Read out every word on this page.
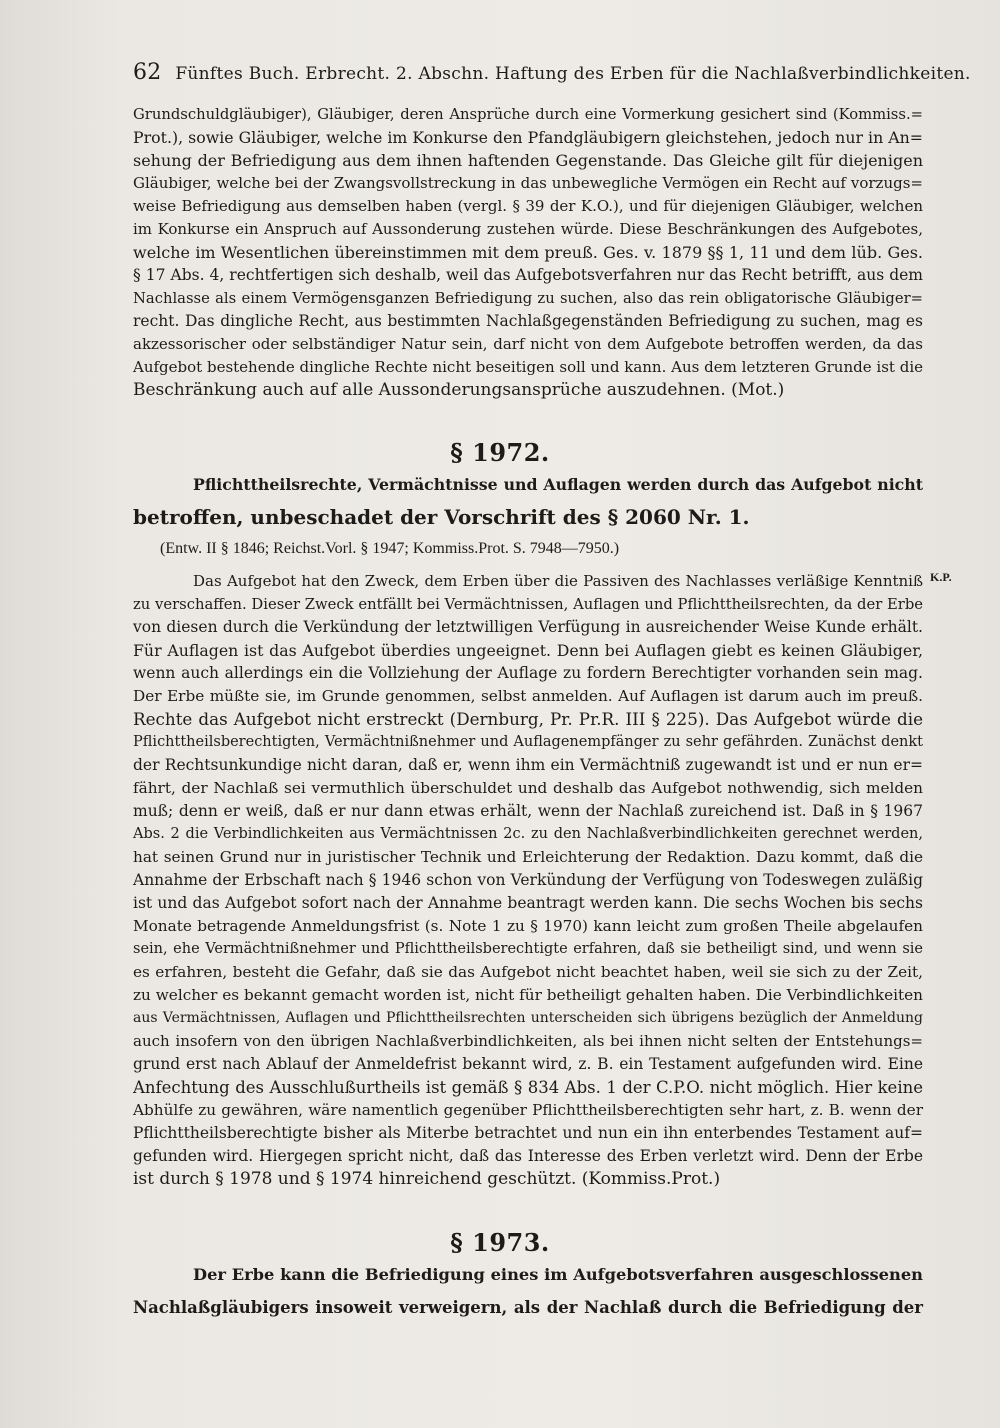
62 Fünftes Buch. Erbrecht. 2. Abschn. Haftung des Erben für die Nachlaßverbindlichkeiten.
Grundschuldgläubiger), Gläubiger, deren Ansprüche durch eine Vormerkung gesichert sind (Kommiss.=
Prot.), sowie Gläubiger, welche im Konkurse den Pfandgläubigern gleichstehen, jedoch nur in An=
sehung der Befriedigung aus dem ihnen haftenden Gegenstande. Das Gleiche gilt für diejenigen
Gläubiger, welche bei der Zwangsvollstreckung in das unbewegliche Vermögen ein Recht auf vorzugs=
weise Befriedigung aus demselben haben (vergl. § 39 der K.O.), und für diejenigen Gläubiger, welchen
im Konkurse ein Anspruch auf Aussonderung zustehen würde. Diese Beschränkungen des Aufgebotes,
welche im Wesentlichen übereinstimmen mit dem preuß. Ges. v. 1879 §§ 1, 11 und dem lüb. Ges.
§ 17 Abs. 4, rechtfertigen sich deshalb, weil das Aufgebotsverfahren nur das Recht betrifft, aus dem
Nachlasse als einem Vermögensganzen Befriedigung zu suchen, also das rein obligatorische Gläubiger=
recht. Das dingliche Recht, aus bestimmten Nachlaßgegenständen Befriedigung zu suchen, mag es
akzessorischer oder selbständiger Natur sein, darf nicht von dem Aufgebote betroffen werden, da das
Aufgebot bestehende dingliche Rechte nicht beseitigen soll und kann. Aus dem letzteren Grunde ist die
Beschränkung auch auf alle Aussonderungsansprüche auszudehnen. (Mot.)
§ 1972.
Pflichttheilsrechte, Vermächtnisse und Auflagen werden durch das Aufgebot nicht
betroffen, unbeschadet der Vorschrift des § 2060 Nr. 1.
(Entw. II § 1846; Reichst.Vorl. § 1947; Kommiss.Prot. S. 7948—7950.)
K.P.
Das Aufgebot hat den Zweck, dem Erben über die Passiven des Nachlasses verläßige Kenntniß
zu verschaffen. Dieser Zweck entfällt bei Vermächtnissen, Auflagen und Pflichttheilsrechten, da der Erbe
von diesen durch die Verkündung der letztwilligen Verfügung in ausreichender Weise Kunde erhält.
Für Auflagen ist das Aufgebot überdies ungeeignet. Denn bei Auflagen giebt es keinen Gläubiger,
wenn auch allerdings ein die Vollziehung der Auflage zu fordern Berechtigter vorhanden sein mag.
Der Erbe müßte sie, im Grunde genommen, selbst anmelden. Auf Auflagen ist darum auch im preuß.
Rechte das Aufgebot nicht erstreckt (Dernburg, Pr. Pr.R. III § 225). Das Aufgebot würde die
Pflichttheilsberechtigten, Vermächtnißnehmer und Auflagenempfänger zu sehr gefährden. Zunächst denkt
der Rechtsunkundige nicht daran, daß er, wenn ihm ein Vermächtniß zugewandt ist und er nun er=
fährt, der Nachlaß sei vermuthlich überschuldet und deshalb das Aufgebot nothwendig, sich melden
muß; denn er weiß, daß er nur dann etwas erhält, wenn der Nachlaß zureichend ist. Daß in § 1967
Abs. 2 die Verbindlichkeiten aus Vermächtnissen 2c. zu den Nachlaßverbindlichkeiten gerechnet werden,
hat seinen Grund nur in juristischer Technik und Erleichterung der Redaktion. Dazu kommt, daß die
Annahme der Erbschaft nach § 1946 schon von Verkündung der Verfügung von Todeswegen zuläßig
ist und das Aufgebot sofort nach der Annahme beantragt werden kann. Die sechs Wochen bis sechs
Monate betragende Anmeldungsfrist (s. Note 1 zu § 1970) kann leicht zum großen Theile abgelaufen
sein, ehe Vermächtnißnehmer und Pflichttheilsberechtigte erfahren, daß sie betheiligt sind, und wenn sie
es erfahren, besteht die Gefahr, daß sie das Aufgebot nicht beachtet haben, weil sie sich zu der Zeit,
zu welcher es bekannt gemacht worden ist, nicht für betheiligt gehalten haben. Die Verbindlichkeiten
aus Vermächtnissen, Auflagen und Pflichttheilsrechten unterscheiden sich übrigens bezüglich der Anmeldung
auch insofern von den übrigen Nachlaßverbindlichkeiten, als bei ihnen nicht selten der Entstehungs=
grund erst nach Ablauf der Anmeldefrist bekannt wird, z. B. ein Testament aufgefunden wird. Eine
Anfechtung des Ausschlußurtheils ist gemäß § 834 Abs. 1 der C.P.O. nicht möglich. Hier keine
Abhülfe zu gewähren, wäre namentlich gegenüber Pflichttheilsberechtigten sehr hart, z. B. wenn der
Pflichttheilsberechtigte bisher als Miterbe betrachtet und nun ein ihn enterbendes Testament auf=
gefunden wird. Hiergegen spricht nicht, daß das Interesse des Erben verletzt wird. Denn der Erbe
ist durch § 1978 und § 1974 hinreichend geschützt. (Kommiss.Prot.)
§ 1973.
Der Erbe kann die Befriedigung eines im Aufgebotsverfahren ausgeschlossenen
Nachlaßgläubigers insoweit verweigern, als der Nachlaß durch die Befriedigung der
